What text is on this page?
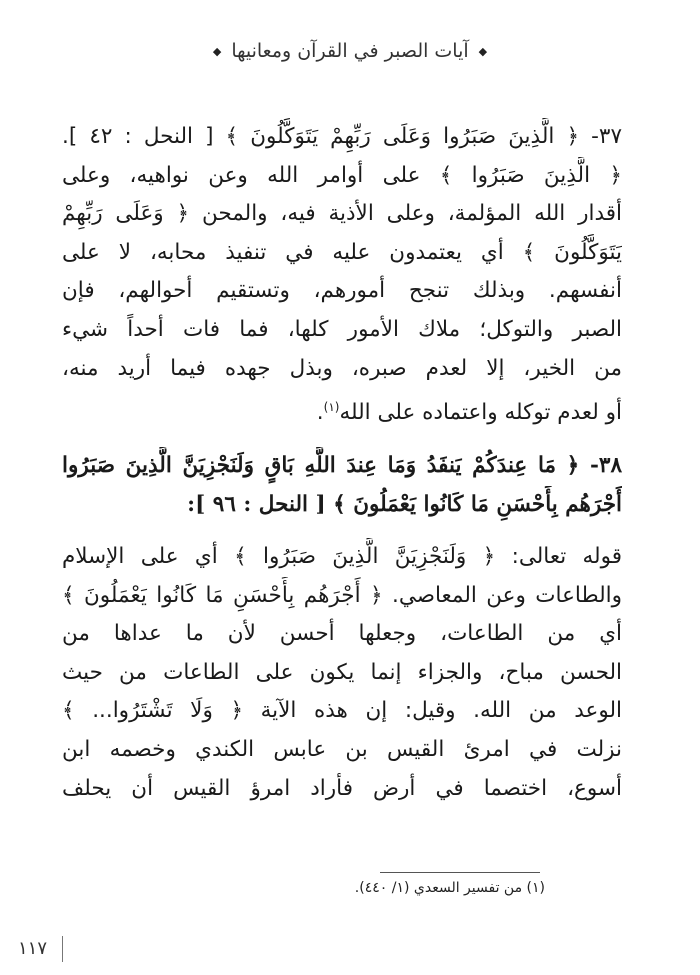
◆آيات الصبر في القرآن ومعانيها◆
٣٧- ﴿ الَّذِينَ صَبَرُوا وَعَلَى رَبِّهِمْ يَتَوَكَّلُونَ ﴾ [ النحل : ٤٢ ].
﴿ الَّذِينَ صَبَرُوا ﴾ على أوامر الله وعن نواهيه، وعلى
أقدار الله المؤلمة، وعلى الأذية فيه، والمحن ﴿ وَعَلَى رَبِّهِمْ
يَتَوَكَّلُونَ ﴾ أي يعتمدون عليه في تنفيذ محابه، لا على
أنفسهم. وبذلك تنجح أمورهم، وتستقيم أحوالهم، فإن
الصبر والتوكل؛ ملاك الأمور كلها، فما فات أحداً شيء
من الخير، إلا لعدم صبره، وبذل جهده فيما أريد منه،
أو لعدم توكله واعتماده على الله$^{(١)}$.
٣٨- ﴿ مَا عِندَكُمْ يَنفَدُ وَمَا عِندَ اللَّهِ بَاقٍ وَلَنَجْزِيَنَّ الَّذِينَ صَبَرُوا
أَجْرَهُم بِأَحْسَنِ مَا كَانُوا يَعْمَلُونَ ﴾ [ النحل : ٩٦ ]:
قوله تعالى: ﴿ وَلَنَجْزِيَنَّ الَّذِينَ صَبَرُوا ﴾ أي على الإسلام
والطاعات وعن المعاصي. ﴿ أَجْرَهُم بِأَحْسَنِ مَا كَانُوا يَعْمَلُونَ ﴾
أي من الطاعات، وجعلها أحسن لأن ما عداها من
الحسن مباح، والجزاء إنما يكون على الطاعات من حيث
الوعد من الله. وقيل: إن هذه الآية ﴿ وَلَا تَشْتَرُوا... ﴾
نزلت في امرئ القيس بن عابس الكندي وخصمه ابن
أسوع، اختصما في أرض فأراد امرؤ القيس أن يحلف
(١) من تفسير السعدي (١/ ٤٤٠).
١١٧
